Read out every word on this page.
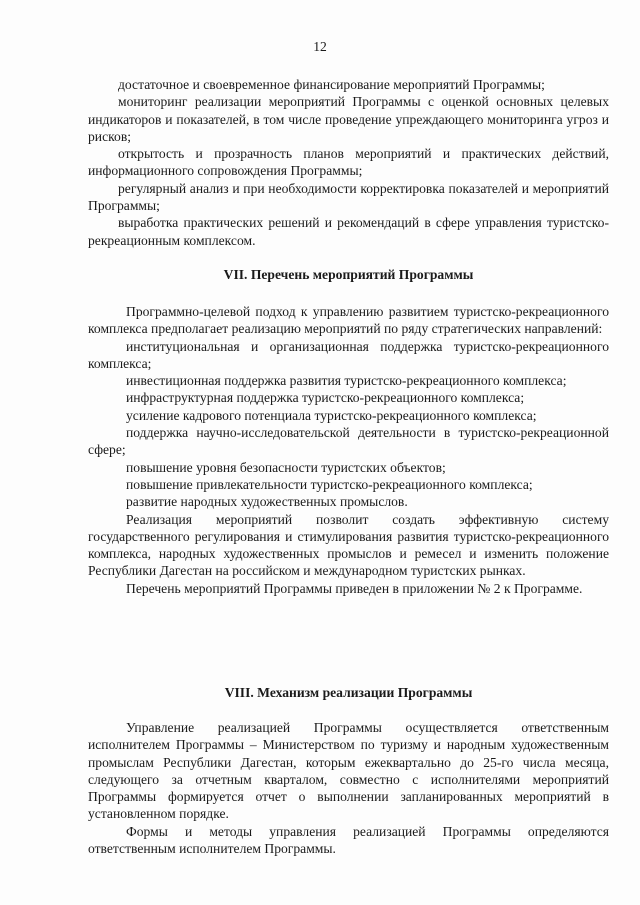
12

достаточное и своевременное финансирование мероприятий Программы;

мониторинг реализации мероприятий Программы с оценкой основных целевых индикаторов и показателей, в том числе проведение упреждающего мониторинга угроз и рисков;

открытость и прозрачность планов мероприятий и практических действий, информационного сопровождения Программы;

регулярный анализ и при необходимости корректировка показателей и мероприятий Программы;

выработка практических решений и рекомендаций в сфере управления туристско-рекреационным комплексом.

VII. Перечень мероприятий Программы

Программно-целевой подход к управлению развитием туристско-рекреационного комплекса предполагает реализацию мероприятий по ряду стратегических направлений:

институциональная и организационная поддержка туристско-рекреационного комплекса;

инвестиционная поддержка развития туристско-рекреационного комплекса;

инфраструктурная поддержка туристско-рекреационного комплекса;

усиление кадрового потенциала туристско-рекреационного комплекса;

поддержка научно-исследовательской деятельности в туристско-рекреационной сфере;

повышение уровня безопасности туристских объектов;

повышение привлекательности туристско-рекреационного комплекса;

развитие народных художественных промыслов.

Реализация мероприятий позволит создать эффективную систему государственного регулирования и стимулирования развития туристско-рекреационного комплекса, народных художественных промыслов и ремесел и изменить положение Республики Дагестан на российском и международном туристских рынках.

Перечень мероприятий Программы приведен в приложении № 2 к Программе.

VIII. Механизм реализации Программы

Управление реализацией Программы осуществляется ответственным исполнителем Программы – Министерством по туризму и народным художественным промыслам Республики Дагестан, которым ежеквартально до 25-го числа месяца, следующего за отчетным кварталом, совместно с исполнителями мероприятий Программы формируется отчет о выполнении запланированных мероприятий в установленном порядке.

Формы и методы управления реализацией Программы определяются ответственным исполнителем Программы.
